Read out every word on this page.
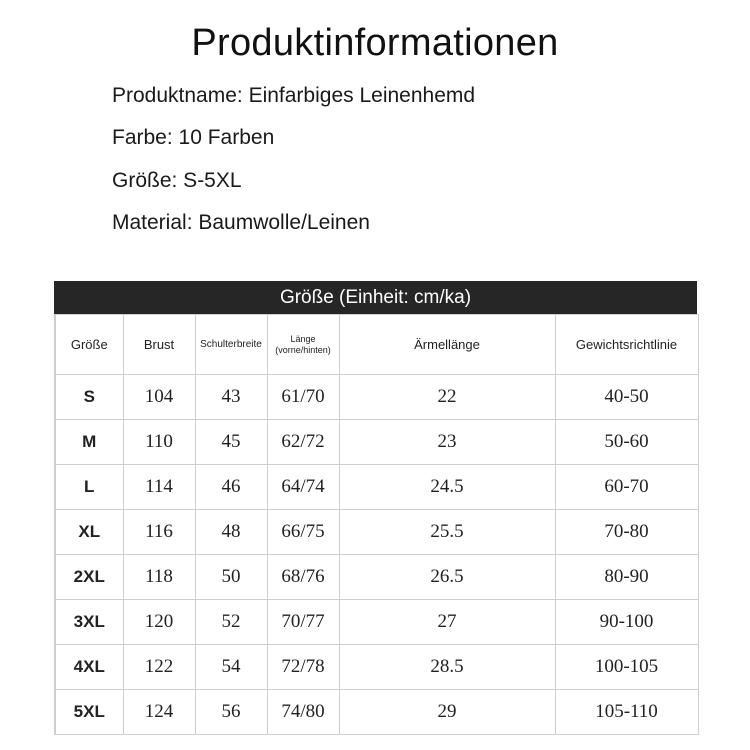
Produktinformationen
Produktname: Einfarbiges Leinenhemd
Farbe: 10 Farben
Größe: S-5XL
Material: Baumwolle/Leinen
Größe (Einheit: cm/ka)
Größe	Brust	Schulterbreite	Länge (vorne/hinten)	Ärmellänge	Gewichtsrichtlinie
S	104	43	61/70	22	40-50
M	110	45	62/72	23	50-60
L	114	46	64/74	24.5	60-70
XL	116	48	66/75	25.5	70-80
2XL	118	50	68/76	26.5	80-90
3XL	120	52	70/77	27	90-100
4XL	122	54	72/78	28.5	100-105
5XL	124	56	74/80	29	105-110
